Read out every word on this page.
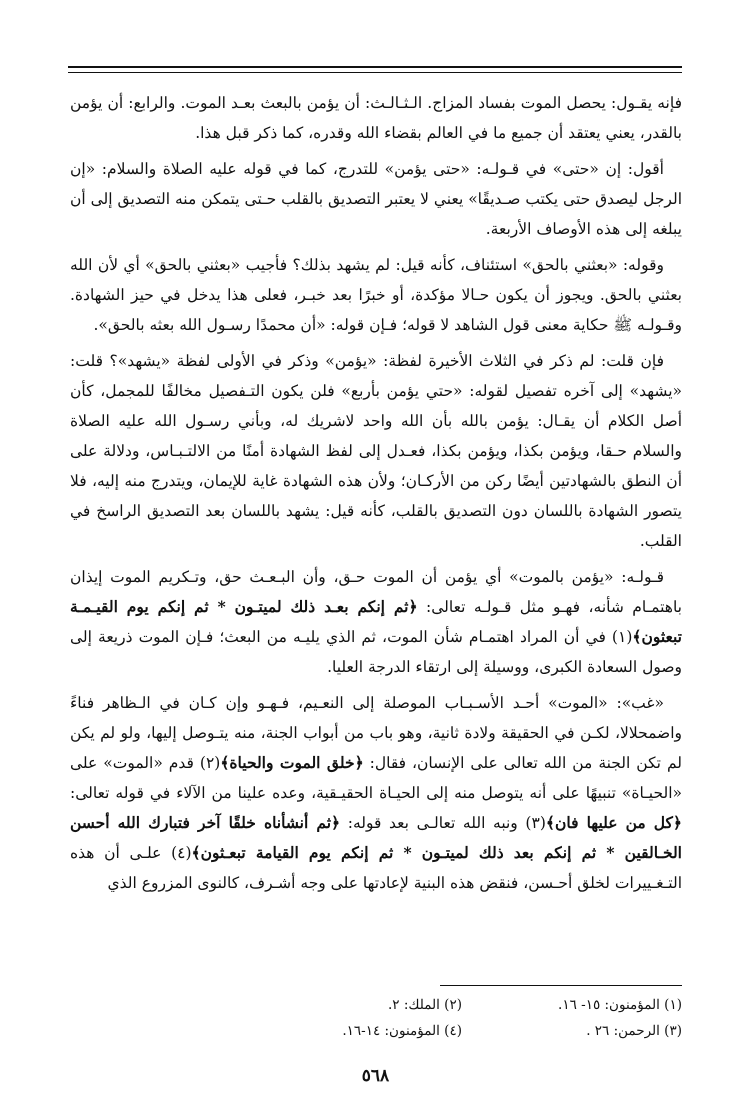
فإنه يقـول: يحصل الموت بفساد المزاج. الـثـالـث: أن يؤمن بالبعث بعـد الموت. والرابع: أن يؤمن بالقدر، يعني يعتقد أن جميع ما في العالم بقضاء الله وقدره، كما ذكر قبل هذا.

أقول: إن «حتى» في قـولـه: «حتى يؤمن» للتدرج، كما في قوله عليه الصلاة والسلام: «إن الرجل ليصدق حتى يكتب صـديقًا» يعني لا يعتبر التصديق بالقلب حـتى يتمكن منه التصديق إلى أن يبلغه إلى هذه الأوصاف الأربعة.

وقوله: «بعثني بالحق» استئناف، كأنه قيل: لم يشهد بذلك؟ فأجيب «بعثني بالحق» أي لأن الله بعثني بالحق. ويجوز أن يكون حـالا مؤكدة، أو خبرًا بعد خبـر، فعلى هذا يدخل في حيز الشهادة. وقـولـه ﷺ حكاية معنى قول الشاهد لا قوله؛ فـإن قوله: «أن محمدًا رسـول الله بعثه بالحق».

فإن قلت: لم ذكر في الثلاث الأخيرة لفظة: «يؤمن» وذكر في الأولى لفظة «يشهد»؟ قلت: «يشهد» إلى آخره تفصيل لقوله: «حتي يؤمن بأربع» فلن يكون التـفصيل مخالفًا للمجمل، كأن أصل الكلام أن يقـال: يؤمن بالله بأن الله واحد لاشريك له، وبأني رسـول الله عليه الصلاة والسلام حـقا، ويؤمن بكذا، ويؤمن بكذا، فعـدل إلى لفظ الشهادة أمنًا من الالتـبـاس، ودلالة على أن النطق بالشهادتين أيضًا ركن من الأركـان؛ ولأن هذه الشهادة غاية للإيمان، ويتدرج منه إليه، فلا يتصور الشهادة باللسان دون التصديق بالقلب، كأنه قيل: يشهد باللسان بعد التصديق الراسخ في القلب.

قـولـه: «يؤمن بالموت» أي يؤمن أن الموت حـق، وأن البـعـث حق، وتـكريم الموت إيذان باهتمـام شأنه، فهـو مثل قـولـه تعالى: ﴿ثم إنكم بعـد ذلك لميتـون * ثم إنكم يوم القيـمـة تبعثون﴾(١) في أن المراد اهتمـام شأن الموت، ثم الذي يليـه من البعث؛ فـإن الموت ذريعة إلى وصول السعادة الكبرى، ووسيلة إلى ارتقاء الدرجة العليا.

«غب»: «الموت» أحـد الأسـبـاب الموصلة إلى النعـيم، فـهـو وإن كـان في الـظاهر فناءً واضمحلالا، لكـن في الحقيقة ولادة ثانية، وهو باب من أبواب الجنة، منه يتـوصل إليها، ولو لم يكن لم تكن الجنة من الله تعالى على الإنسان، فقال: ﴿خلق الموت والحياة﴾(٢) قدم «الموت» على «الحيـاة» تنبيهًا على أنه يتوصل منه إلى الحيـاة الحقيـقية، وعده علينا من الآلاء في قوله تعالى: ﴿كل من عليها فان﴾(٣) ونبه الله تعالـى بعد قوله: ﴿ثم أنشأناه خلقًا آخر فتبارك الله أحسن الخـالقين * ثم إنكم بعد ذلك لميتـون * ثم إنكم يوم القيامة تبعـثون﴾(٤) علـى أن هذه التـغـييرات لخلق أحـسن، فنقض هذه البنية لإعادتها على وجه أشـرف، كالنوى المزروع الذي

(١) المؤمنون: ١٥- ١٦.
(٢) الملك: ٢.
(٣) الرحمن: ٢٦ .
(٤) المؤمنون: ١٤-١٦.
٥٦٨
